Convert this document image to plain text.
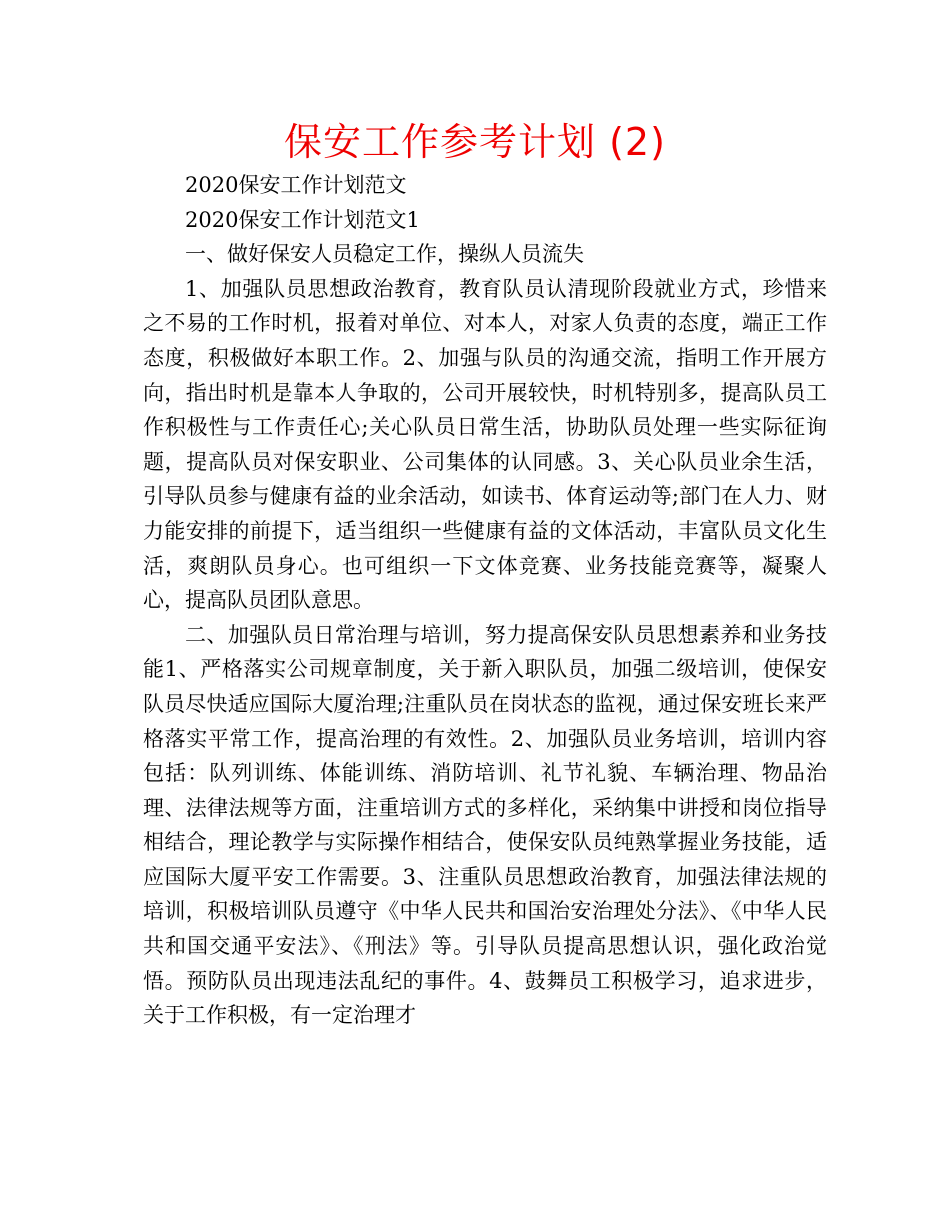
保安工作参考计划 (2)

2020保安工作计划范文

2020保安工作计划范文1

一、做好保安人员稳定工作，操纵人员流失

1、加强队员思想政治教育，教育队员认清现阶段就业方式，珍惜来之不易的工作时机，报着对单位、对本人，对家人负责的态度，端正工作态度，积极做好本职工作。2、加强与队员的沟通交流，指明工作开展方向，指出时机是靠本人争取的，公司开展较快，时机特别多，提高队员工作积极性与工作责任心;关心队员日常生活，协助队员处理一些实际征询题，提高队员对保安职业、公司集体的认同感。3、关心队员业余生活，引导队员参与健康有益的业余活动，如读书、体育运动等;部门在人力、财力能安排的前提下，适当组织一些健康有益的文体活动，丰富队员文化生活，爽朗队员身心。也可组织一下文体竞赛、业务技能竞赛等，凝聚人心，提高队员团队意思。

二、加强队员日常治理与培训，努力提高保安队员思想素养和业务技能1、严格落实公司规章制度，关于新入职队员，加强二级培训，使保安队员尽快适应国际大厦治理;注重队员在岗状态的监视，通过保安班长来严格落实平常工作，提高治理的有效性。2、加强队员业务培训，培训内容包括：队列训练、体能训练、消防培训、礼节礼貌、车辆治理、物品治理、法律法规等方面，注重培训方式的多样化，采纳集中讲授和岗位指导相结合，理论教学与实际操作相结合，使保安队员纯熟掌握业务技能，适应国际大厦平安工作需要。3、注重队员思想政治教育，加强法律法规的培训，积极培训队员遵守《中华人民共和国治安治理处分法》、《中华人民共和国交通平安法》、《刑法》等。引导队员提高思想认识，强化政治觉悟。预防队员出现违法乱纪的事件。4、鼓舞员工积极学习，追求进步，关于工作积极，有一定治理才
